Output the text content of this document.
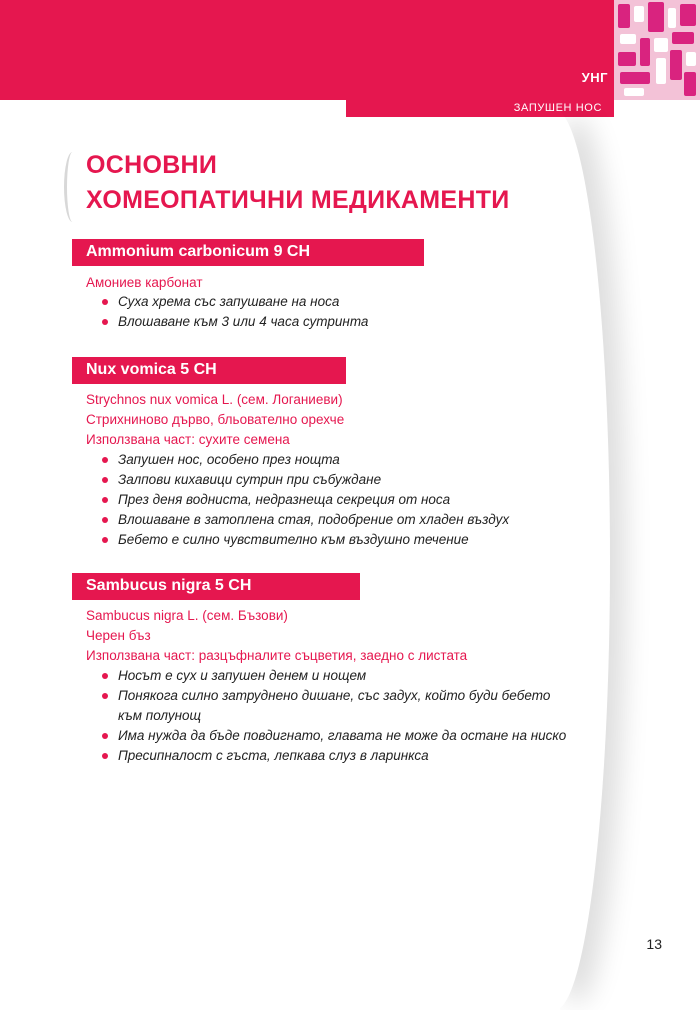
УНГ
ЗАПУШЕН НОС
ОСНОВНИ
ХОМЕОПАТИЧНИ МЕДИКАМЕНТИ
Ammonium carbonicum 9 CH
Амониев карбонат
Суха хрема със запушване на носа
Влошаване към 3 или 4 часа сутринта
Nux vomica 5 CH
Strychnos nux vomica L. (сем. Логаниеви)
Стрихниново дърво, бльователно орехче
Използвана част: сухите семена
Запушен нос, особено през нощта
Залпови кихавици сутрин при събуждане
През деня водниста, недразнеща секреция от носа
Влошаване в затоплена стая, подобрение от хладен въздух
Бебето е силно чувствително към въздушно течение
Sambucus nigra 5 CH
Sambucus nigra L. (сем. Бъзови)
Черен бъз
Използвана част: разцъфналите съцветия, заедно с листата
Носът е сух и запушен денем и нощем
Понякога силно затруднено дишане, със задух, който буди бебето
към полунощ
Има нужда да бъде повдигнато, главата не може да остане на ниско
Пресипналост с гъста, лепкава слуз в ларинкса
13
